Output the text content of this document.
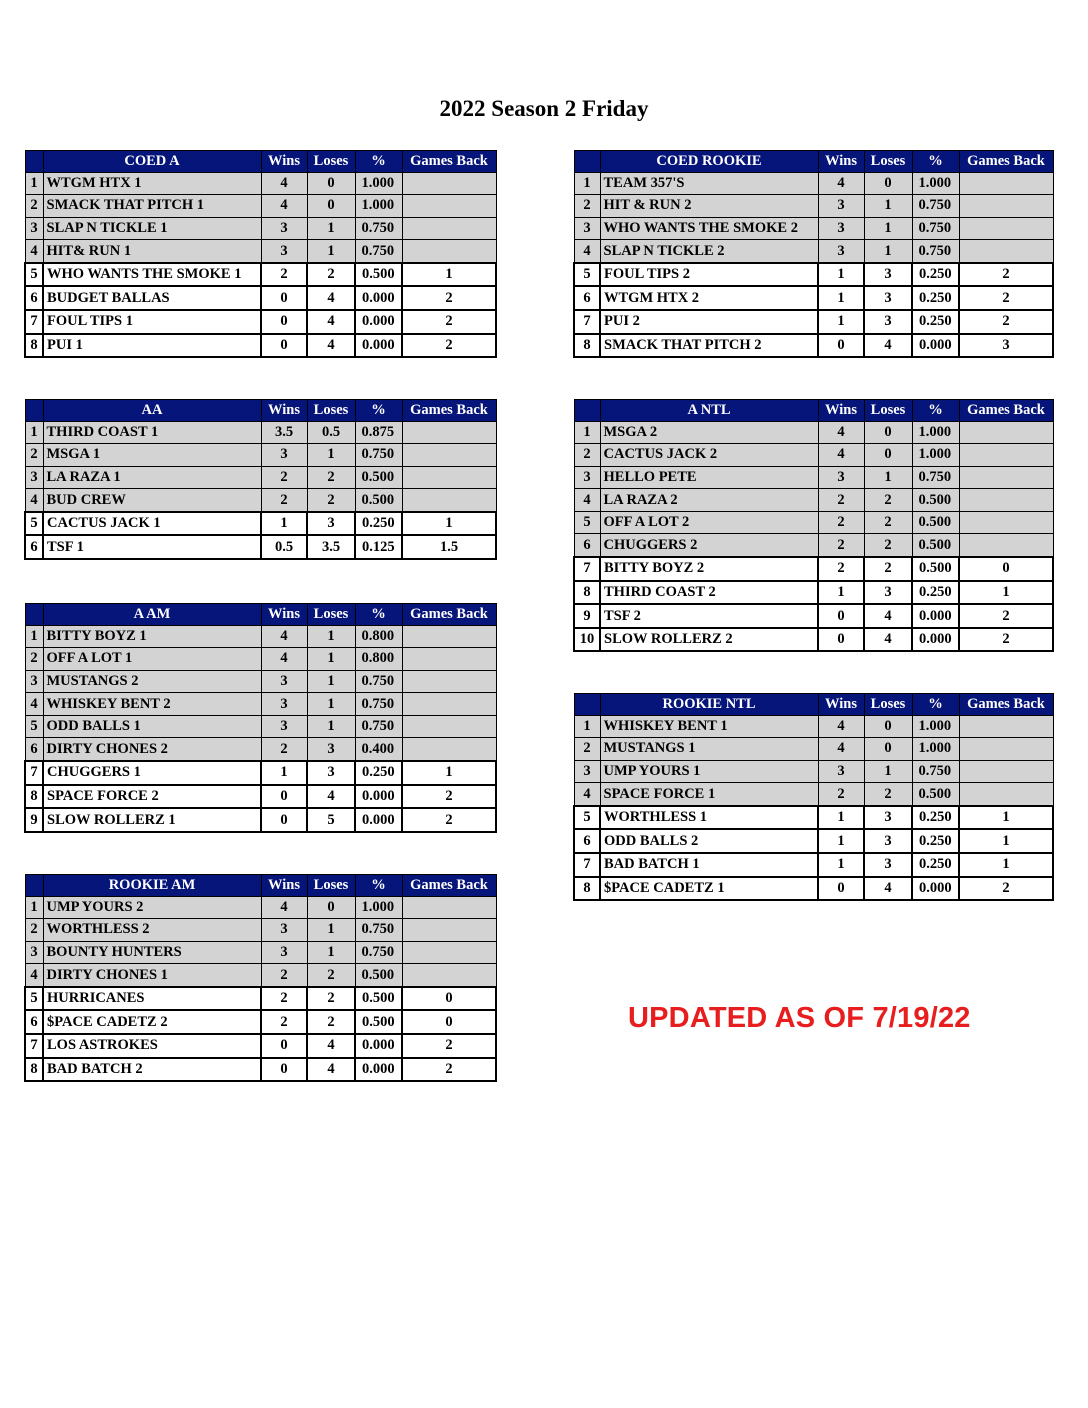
2022 Season 2 Friday
	COED A	Wins	Loses	%	Games Back
1	WTGM HTX 1	4	0	1.000	
2	SMACK THAT PITCH 1	4	0	1.000	
3	SLAP N TICKLE 1	3	1	0.750	
4	HIT& RUN 1	3	1	0.750	
5	WHO WANTS THE SMOKE 1	2	2	0.500	1
6	BUDGET BALLAS	0	4	0.000	2
7	FOUL TIPS 1	0	4	0.000	2
8	PUI 1	0	4	0.000	2
	AA	Wins	Loses	%	Games Back
1	THIRD COAST 1	3.5	0.5	0.875	
2	MSGA 1	3	1	0.750	
3	LA RAZA 1	2	2	0.500	
4	BUD CREW	2	2	0.500	
5	CACTUS JACK 1	1	3	0.250	1
6	TSF 1	0.5	3.5	0.125	1.5
	A AM	Wins	Loses	%	Games Back
1	BITTY BOYZ 1	4	1	0.800	
2	OFF A LOT 1	4	1	0.800	
3	MUSTANGS 2	3	1	0.750	
4	WHISKEY BENT 2	3	1	0.750	
5	ODD BALLS 1	3	1	0.750	
6	DIRTY CHONES 2	2	3	0.400	
7	CHUGGERS 1	1	3	0.250	1
8	SPACE FORCE 2	0	4	0.000	2
9	SLOW ROLLERZ 1	0	5	0.000	2
	ROOKIE AM	Wins	Loses	%	Games Back
1	UMP YOURS 2	4	0	1.000	
2	WORTHLESS 2	3	1	0.750	
3	BOUNTY HUNTERS	3	1	0.750	
4	DIRTY CHONES 1	2	2	0.500	
5	HURRICANES	2	2	0.500	0
6	$PACE CADETZ 2	2	2	0.500	0
7	LOS ASTROKES	0	4	0.000	2
8	BAD BATCH 2	0	4	0.000	2
	COED ROOKIE	Wins	Loses	%	Games Back
1	TEAM 357'S	4	0	1.000	
2	HIT & RUN 2	3	1	0.750	
3	WHO WANTS THE SMOKE 2	3	1	0.750	
4	SLAP N TICKLE 2	3	1	0.750	
5	FOUL TIPS 2	1	3	0.250	2
6	WTGM HTX 2	1	3	0.250	2
7	PUI 2	1	3	0.250	2
8	SMACK THAT PITCH 2	0	4	0.000	3
	A NTL	Wins	Loses	%	Games Back
1	MSGA 2	4	0	1.000	
2	CACTUS JACK 2	4	0	1.000	
3	HELLO PETE	3	1	0.750	
4	LA RAZA 2	2	2	0.500	
5	OFF A LOT 2	2	2	0.500	
6	CHUGGERS 2	2	2	0.500	
7	BITTY BOYZ 2	2	2	0.500	0
8	THIRD COAST 2	1	3	0.250	1
9	TSF 2	0	4	0.000	2
10	SLOW ROLLERZ 2	0	4	0.000	2
	ROOKIE NTL	Wins	Loses	%	Games Back
1	WHISKEY BENT 1	4	0	1.000	
2	MUSTANGS 1	4	0	1.000	
3	UMP YOURS 1	3	1	0.750	
4	SPACE FORCE 1	2	2	0.500	
5	WORTHLESS 1	1	3	0.250	1
6	ODD BALLS 2	1	3	0.250	1
7	BAD BATCH 1	1	3	0.250	1
8	$PACE CADETZ 1	0	4	0.000	2
UPDATED AS OF 7/19/22
